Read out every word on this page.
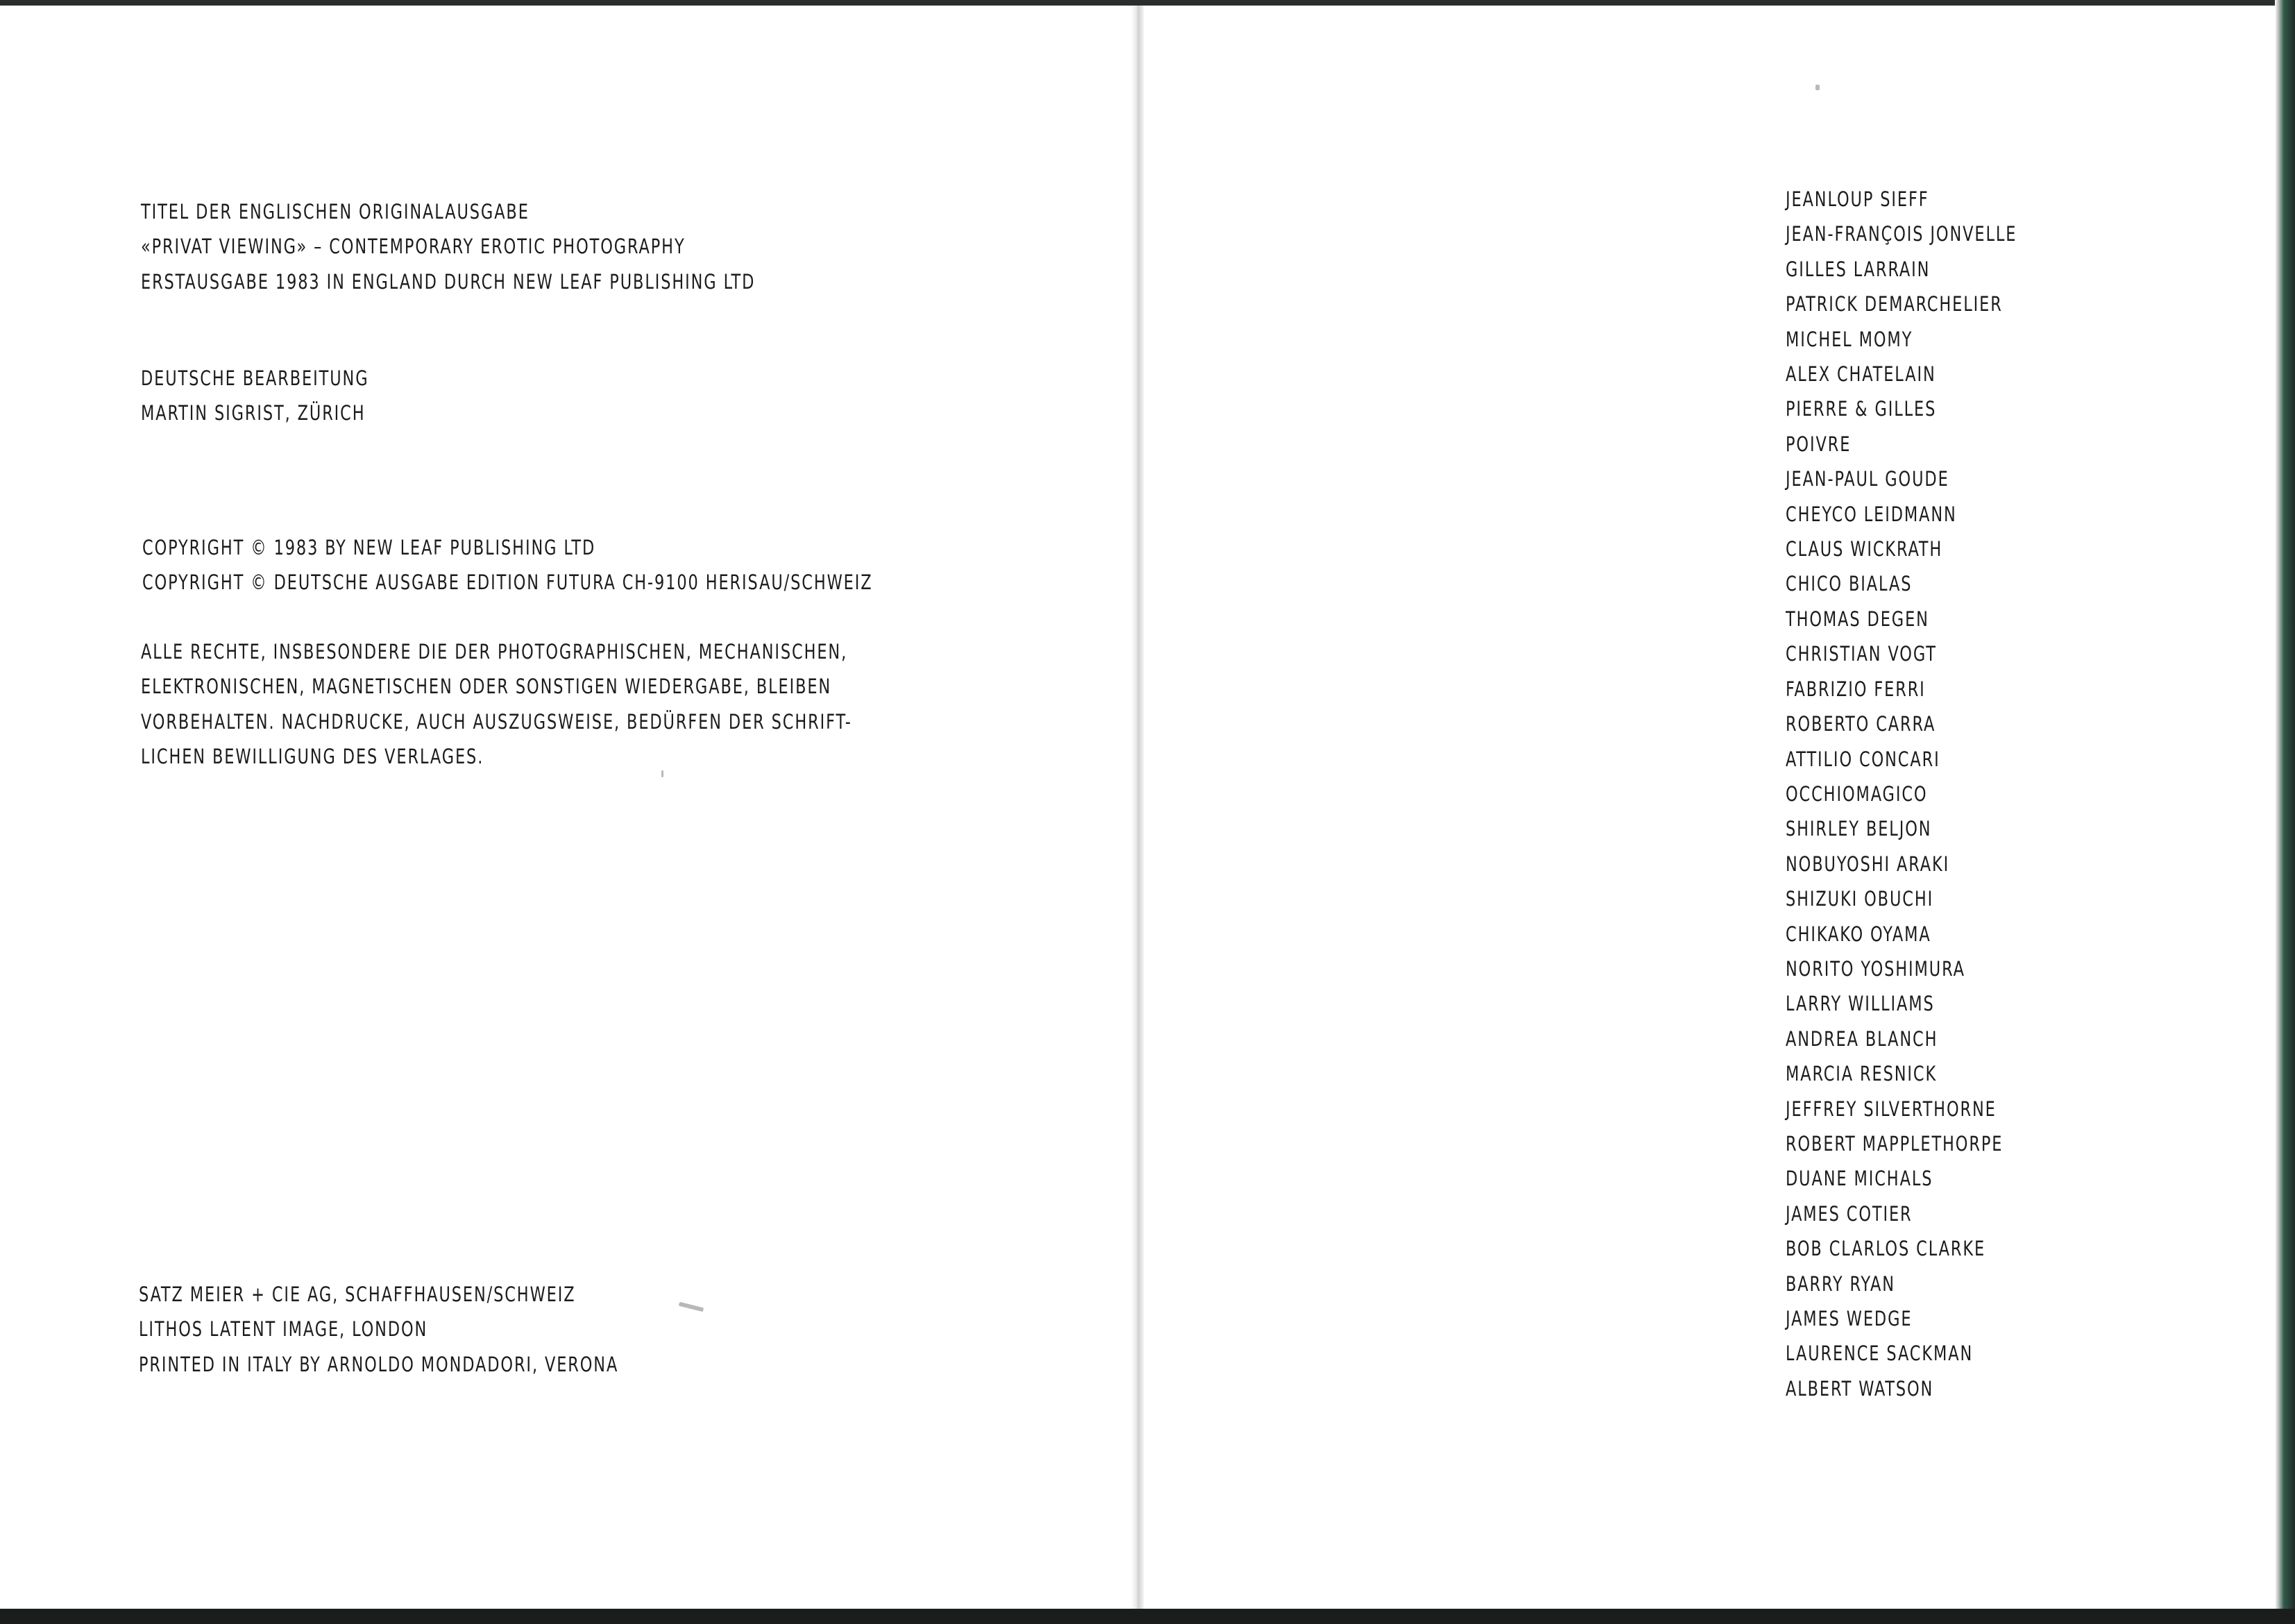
TITEL DER ENGLISCHEN ORIGINALAUSGABE
«PRIVAT VIEWING» – CONTEMPORARY EROTIC PHOTOGRAPHY
ERSTAUSGABE 1983 IN ENGLAND DURCH NEW LEAF PUBLISHING LTD
DEUTSCHE BEARBEITUNG
MARTIN SIGRIST, ZÜRICH
COPYRIGHT © 1983 BY NEW LEAF PUBLISHING LTD
COPYRIGHT © DEUTSCHE AUSGABE EDITION FUTURA CH-9100 HERISAU/SCHWEIZ
ALLE RECHTE, INSBESONDERE DIE DER PHOTOGRAPHISCHEN, MECHANISCHEN,
ELEKTRONISCHEN, MAGNETISCHEN ODER SONSTIGEN WIEDERGABE, BLEIBEN
VORBEHALTEN. NACHDRUCKE, AUCH AUSZUGSWEISE, BEDÜRFEN DER SCHRIFT-
LICHEN BEWILLIGUNG DES VERLAGES.
SATZ MEIER + CIE AG, SCHAFFHAUSEN/SCHWEIZ
LITHOS LATENT IMAGE, LONDON
PRINTED IN ITALY BY ARNOLDO MONDADORI, VERONA
JEANLOUP SIEFF
JEAN-FRANÇOIS JONVELLE
GILLES LARRAIN
PATRICK DEMARCHELIER
MICHEL MOMY
ALEX CHATELAIN
PIERRE & GILLES
POIVRE
JEAN-PAUL GOUDE
CHEYCO LEIDMANN
CLAUS WICKRATH
CHICO BIALAS
THOMAS DEGEN
CHRISTIAN VOGT
FABRIZIO FERRI
ROBERTO CARRA
ATTILIO CONCARI
OCCHIOMAGICO
SHIRLEY BELJON
NOBUYOSHI ARAKI
SHIZUKI OBUCHI
CHIKAKO OYAMA
NORITO YOSHIMURA
LARRY WILLIAMS
ANDREA BLANCH
MARCIA RESNICK
JEFFREY SILVERTHORNE
ROBERT MAPPLETHORPE
DUANE MICHALS
JAMES COTIER
BOB CLARLOS CLARKE
BARRY RYAN
JAMES WEDGE
LAURENCE SACKMAN
ALBERT WATSON
